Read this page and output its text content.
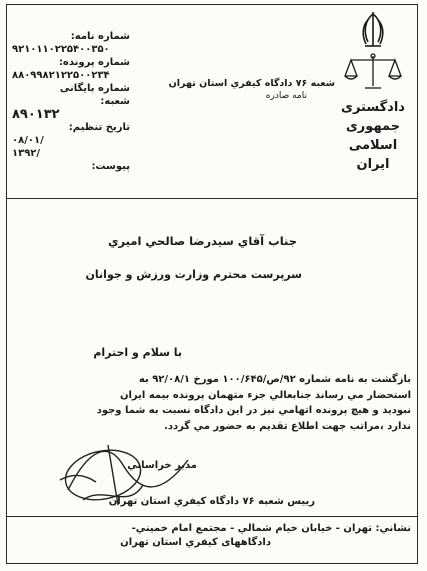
دادگستری
جمهوری
اسلامی
ایران
شعبه ۷۶ دادگاه كيفري استان تهران
نامه صادره
شماره نامه:
۹۲۱۰۱۱۰۲۲۵۴۰۰۳۵۰
شماره پرونده:
۸۸۰۹۹۸۲۱۲۲۵۰۰۲۳۴
شماره بایگانی
شعبه:
۸۹۰۱۳۲
تاريخ تنظيم:
۰۸/۰۱/
۱۳۹۲/
پیوست:
جناب آقاي سيدرضا صالحي اميري
سرپرست محترم وزارت ورزش و جوانان
با سلام و احترام
بازگشت به نامه شماره ۹۲/ص/۱۰۰/۶۴۵ مورخ ۹۲/۰۸/۱ به
استحضار مي رساند جنابعالي جزء متهمان پرونده بيمه ايران
نبوديد و هيچ پرونده اتهامي نيز در اين دادگاه نسبت به شما وجود
ندارد ،مراتب جهت اطلاع تقديم به حضور مي گردد.
مدير خراساني
رييس شعبه ۷۶ دادگاه كيفري استان تهران
نشاني: تهران - خيابان خيام شمالي - مجتمع امام خميني-
دادگاههای كيفري استان تهران
